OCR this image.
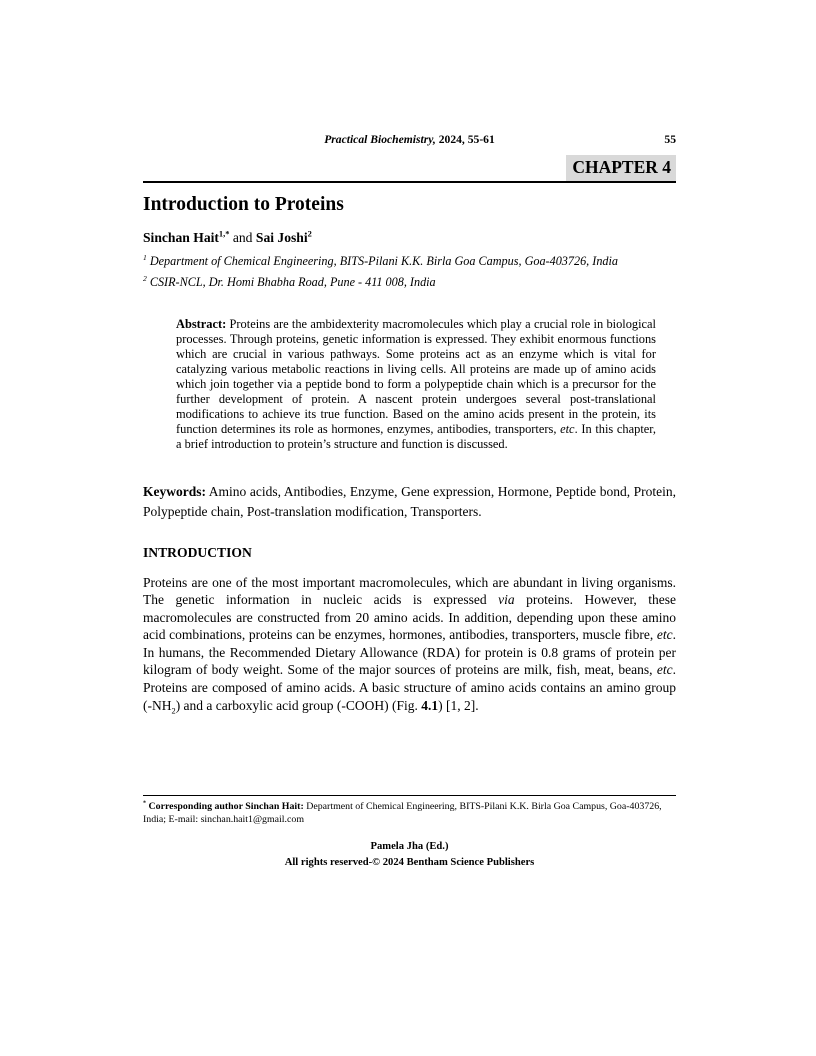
Practical Biochemistry, 2024, 55-61	55
CHAPTER 4
Introduction to Proteins
Sinchan Hait$^{1,*}$ and Sai Joshi$^2$
$^1$ Department of Chemical Engineering, BITS-Pilani K.K. Birla Goa Campus, Goa-403726, India
$^2$ CSIR-NCL, Dr. Homi Bhabha Road, Pune - 411 008, India

Abstract: Proteins are the ambidexterity macromolecules which play a crucial role in biological processes. Through proteins, genetic information is expressed. They exhibit enormous functions which are crucial in various pathways. Some proteins act as an enzyme which is vital for catalyzing various metabolic reactions in living cells. All proteins are made up of amino acids which join together via a peptide bond to form a polypeptide chain which is a precursor for the further development of protein. A nascent protein undergoes several post-translational modifications to achieve its true function. Based on the amino acids present in the protein, its function determines its role as hormones, enzymes, antibodies, transporters, etc. In this chapter, a brief introduction to protein’s structure and function is discussed.

Keywords: Amino acids, Antibodies, Enzyme, Gene expression, Hormone, Peptide bond, Protein, Polypeptide chain, Post-translation modification, Transporters.

INTRODUCTION

Proteins are one of the most important macromolecules, which are abundant in living organisms. The genetic information in nucleic acids is expressed via proteins. However, these macromolecules are constructed from 20 amino acids. In addition, depending upon these amino acid combinations, proteins can be enzymes, hormones, antibodies, transporters, muscle fibre, etc. In humans, the Recommended Dietary Allowance (RDA) for protein is 0.8 grams of protein per kilogram of body weight. Some of the major sources of proteins are milk, fish, meat, beans, etc. Proteins are composed of amino acids. A basic structure of amino acids contains an amino group $(-NH_2)$ and a carboxylic acid group (-COOH) (Fig. 4.1) [1, 2].

* Corresponding author Sinchan Hait: Department of Chemical Engineering, BITS-Pilani K.K. Birla Goa Campus, Goa-403726, India; E-mail: sinchan.hait1@gmail.com
Pamela Jha (Ed.)
All rights reserved-© 2024 Bentham Science Publishers
